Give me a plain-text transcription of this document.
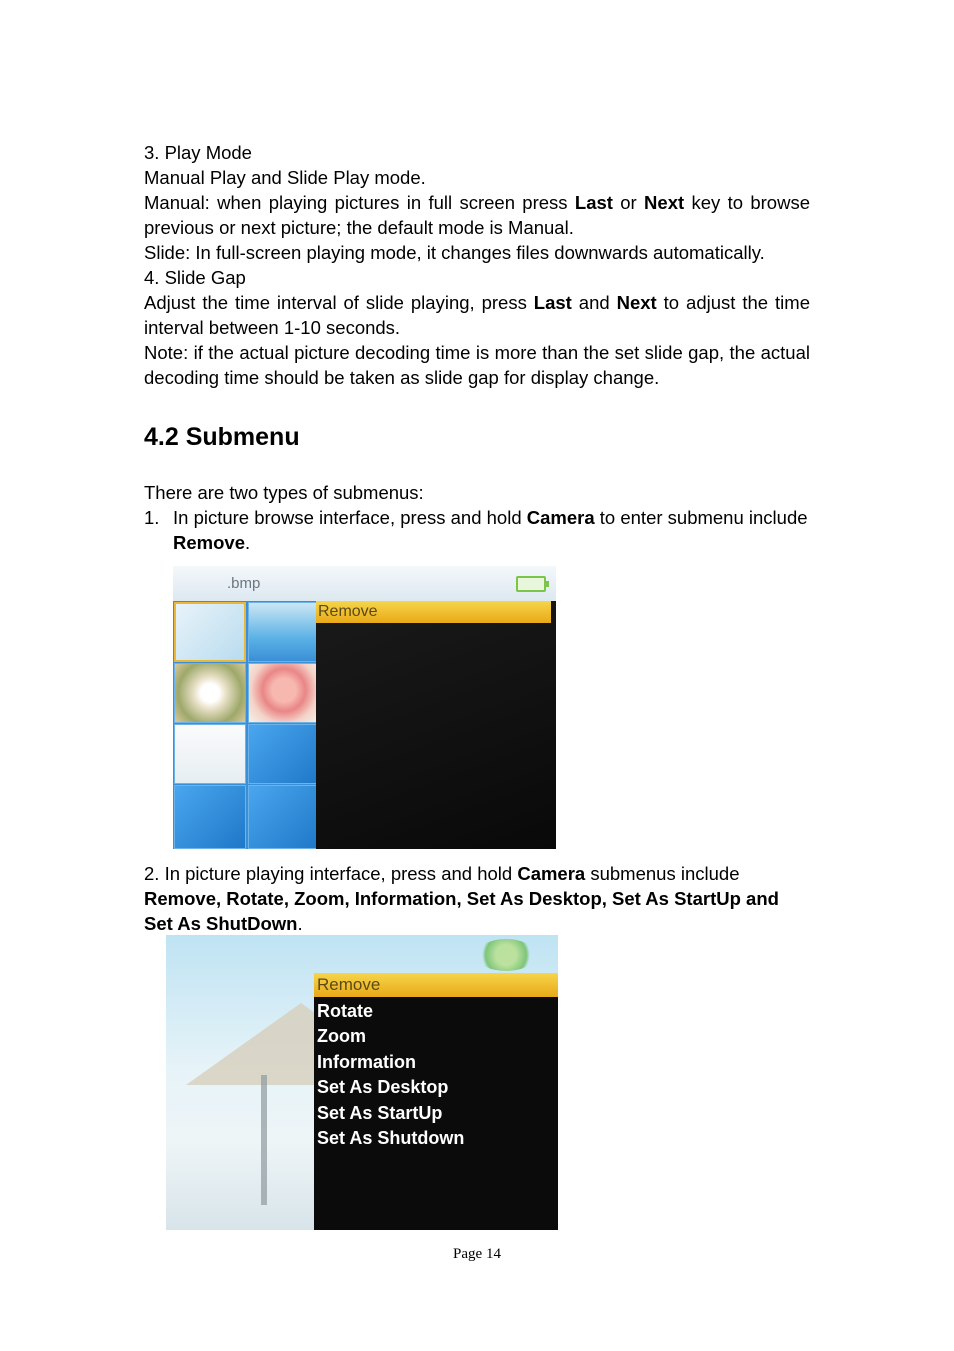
3. Play Mode

Manual Play and Slide Play mode.

Manual: when playing pictures in full screen press Last or Next key to browse previous or next picture; the default mode is Manual.

Slide: In full-screen playing mode, it changes files downwards automatically.

4. Slide Gap

Adjust the time interval of slide playing, press Last and Next to adjust the time interval between 1-10 seconds.

Note: if the actual picture decoding time is more than the set slide gap, the actual decoding time should be taken as slide gap for display change.

4.2 Submenu

There are two types of submenus:

1. In picture browse interface, press and hold Camera to enter submenu include Remove.

2. In picture playing interface, press and hold Camera submenus include Remove, Rotate, Zoom, Information, Set As Desktop, Set As StartUp and Set As ShutDown.

.bmp
Remove
Remove
Rotate
Zoom
Information
Set As Desktop
Set As StartUp
Set As Shutdown
Page 14
